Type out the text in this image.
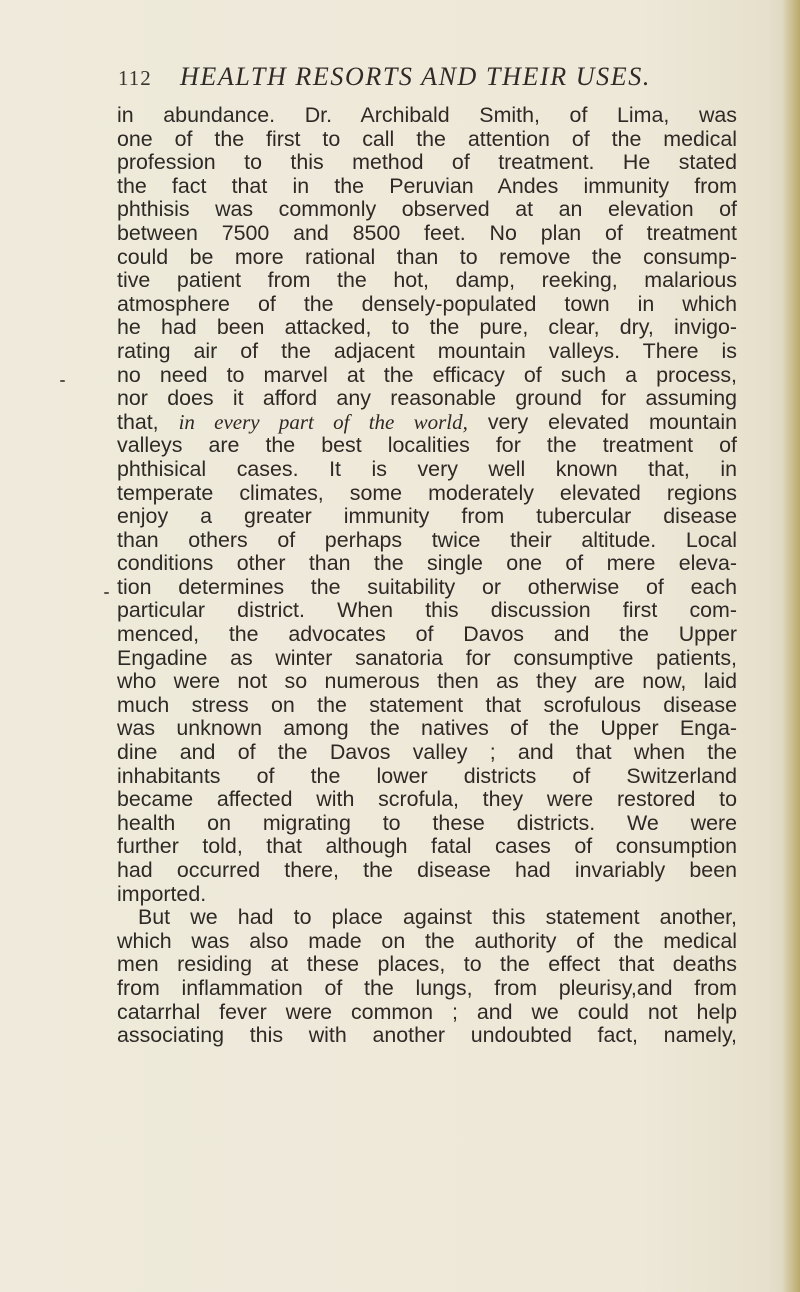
112 HEALTH RESORTS AND THEIR USES.
in abundance. Dr. Archibald Smith, of Lima, was
one of the first to call the attention of the medical
profession to this method of treatment. He stated
the fact that in the Peruvian Andes immunity from
phthisis was commonly observed at an elevation of
between 7500 and 8500 feet. No plan of treatment
could be more rational than to remove the consump-
tive patient from the hot, damp, reeking, malarious
atmosphere of the densely-populated town in which
he had been attacked, to the pure, clear, dry, invigo-
rating air of the adjacent mountain valleys. There is
no need to marvel at the efficacy of such a process,
nor does it afford any reasonable ground for assuming
that, in every part of the world, very elevated mountain
valleys are the best localities for the treatment of
phthisical cases. It is very well known that, in
temperate climates, some moderately elevated regions
enjoy a greater immunity from tubercular disease
than others of perhaps twice their altitude. Local
conditions other than the single one of mere eleva-
tion determines the suitability or otherwise of each
particular district. When this discussion first com-
menced, the advocates of Davos and the Upper
Engadine as winter sanatoria for consumptive patients,
who were not so numerous then as they are now, laid
much stress on the statement that scrofulous disease
was unknown among the natives of the Upper Enga-
dine and of the Davos valley ; and that when the
inhabitants of the lower districts of Switzerland
became affected with scrofula, they were restored to
health on migrating to these districts. We were
further told, that although fatal cases of consumption
had occurred there, the disease had invariably been
imported.
But we had to place against this statement another,
which was also made on the authority of the medical
men residing at these places, to the effect that deaths
from inflammation of the lungs, from pleurisy,and from
catarrhal fever were common ; and we could not help
associating this with another undoubted fact, namely,
